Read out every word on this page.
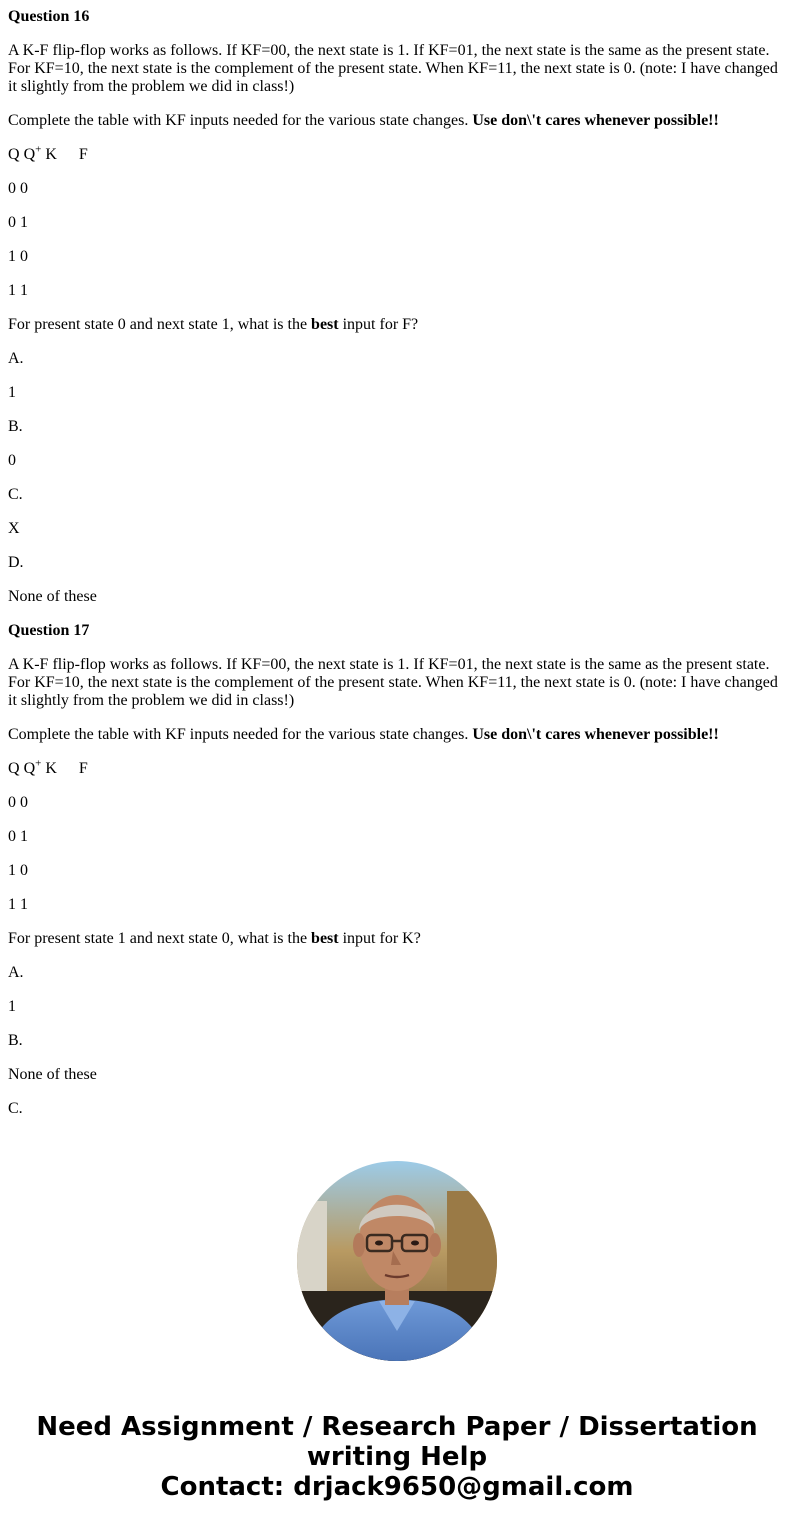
Question 16
A K-F flip-flop works as follows. If KF=00, the next state is 1. If KF=01, the next state is the same as the present state. For KF=10, the next state is the complement of the present state. When KF=11, the next state is 0. (note: I have changed it slightly from the problem we did in class!)
Complete the table with KF inputs needed for the various state changes. Use don\'t cares whenever possible!!
Q Q+ K F
0 0
0 1
1 0
1 1
For present state 0 and next state 1, what is the best input for F?
A.
1
B.
0
C.
X
D.
None of these
Question 17
A K-F flip-flop works as follows. If KF=00, the next state is 1. If KF=01, the next state is the same as the present state. For KF=10, the next state is the complement of the present state. When KF=11, the next state is 0. (note: I have changed it slightly from the problem we did in class!)
Complete the table with KF inputs needed for the various state changes. Use don\'t cares whenever possible!!
Q Q+ K F
0 0
0 1
1 0
1 1
For present state 1 and next state 0, what is the best input for K?
A.
1
B.
None of these
C.
Need Assignment / Research Paper / Dissertation
writing Help
Contact: drjack9650@gmail.com
